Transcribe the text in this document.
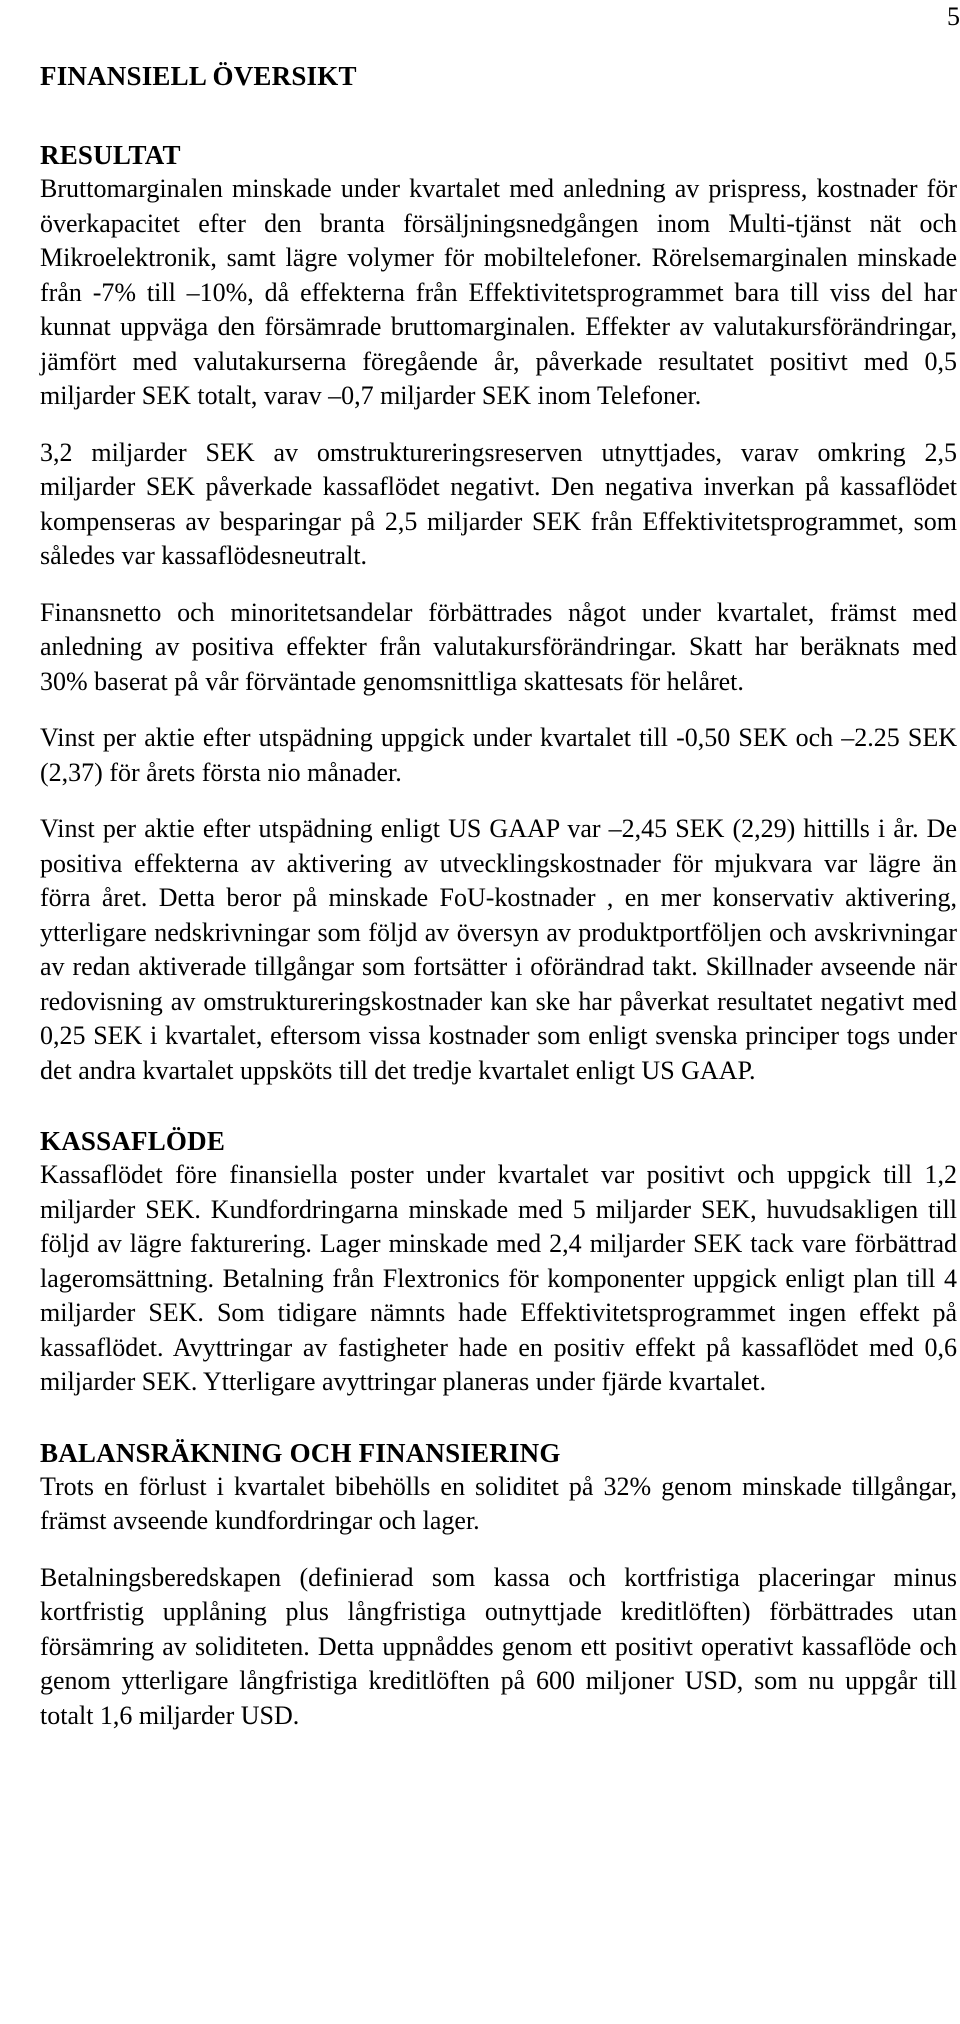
5
FINANSIELL ÖVERSIKT
RESULTAT

Bruttomarginalen minskade under kvartalet med anledning av prispress, kostnader för överkapacitet efter den branta försäljningsnedgången inom Multi-tjänst nät och Mikroelektronik, samt lägre volymer för mobiltelefoner. Rörelsemarginalen minskade från -7% till –10%, då effekterna från Effektivitetsprogrammet bara till viss del har kunnat uppväga den försämrade bruttomarginalen. Effekter av valutakursförändringar, jämfört med valutakurserna föregående år, påverkade resultatet positivt med 0,5 miljarder SEK totalt, varav –0,7 miljarder SEK inom Telefoner.

3,2 miljarder SEK av omstruktureringsreserven utnyttjades, varav omkring 2,5 miljarder SEK påverkade kassaflödet negativt. Den negativa inverkan på kassaflödet kompenseras av besparingar på 2,5 miljarder SEK från Effektivitetsprogrammet, som således var kassaflödesneutralt.

Finansnetto och minoritetsandelar förbättrades något under kvartalet, främst med anledning av positiva effekter från valutakursförändringar. Skatt har beräknats med 30% baserat på vår förväntade genomsnittliga skattesats för helåret.

Vinst per aktie efter utspädning uppgick under kvartalet till -0,50 SEK och –2.25 SEK (2,37) för årets första nio månader.

Vinst per aktie efter utspädning enligt US GAAP var –2,45 SEK (2,29) hittills i år. De positiva effekterna av aktivering av utvecklingskostnader för mjukvara var lägre än förra året. Detta beror på minskade FoU-kostnader , en mer konservativ aktivering, ytterligare nedskrivningar som följd av översyn av produktportföljen och avskrivningar av redan aktiverade tillgångar som fortsätter i oförändrad takt. Skillnader avseende när redovisning av omstruktureringskostnader kan ske har påverkat resultatet negativt med 0,25 SEK i kvartalet, eftersom vissa kostnader som enligt svenska principer togs under det andra kvartalet uppsköts till det tredje kvartalet enligt US GAAP.

KASSAFLÖDE

Kassaflödet före finansiella poster under kvartalet var positivt och uppgick till 1,2 miljarder SEK. Kundfordringarna minskade med 5 miljarder SEK, huvudsakligen till följd av lägre fakturering. Lager minskade med 2,4 miljarder SEK tack vare förbättrad lageromsättning. Betalning från Flextronics för komponenter uppgick enligt plan till 4 miljarder SEK. Som tidigare nämnts hade Effektivitetsprogrammet ingen effekt på kassaflödet. Avyttringar av fastigheter hade en positiv effekt på kassaflödet med 0,6 miljarder SEK. Ytterligare avyttringar planeras under fjärde kvartalet.

BALANSRÄKNING OCH FINANSIERING

Trots en förlust i kvartalet bibehölls en soliditet på 32% genom minskade tillgångar, främst avseende kundfordringar och lager.

Betalningsberedskapen (definierad som kassa och kortfristiga placeringar minus kortfristig upplåning plus långfristiga outnyttjade kreditlöften) förbättrades utan försämring av soliditeten. Detta uppnåddes genom ett positivt operativt kassaflöde och genom ytterligare långfristiga kreditlöften på 600 miljoner USD, som nu uppgår till totalt 1,6 miljarder USD.
